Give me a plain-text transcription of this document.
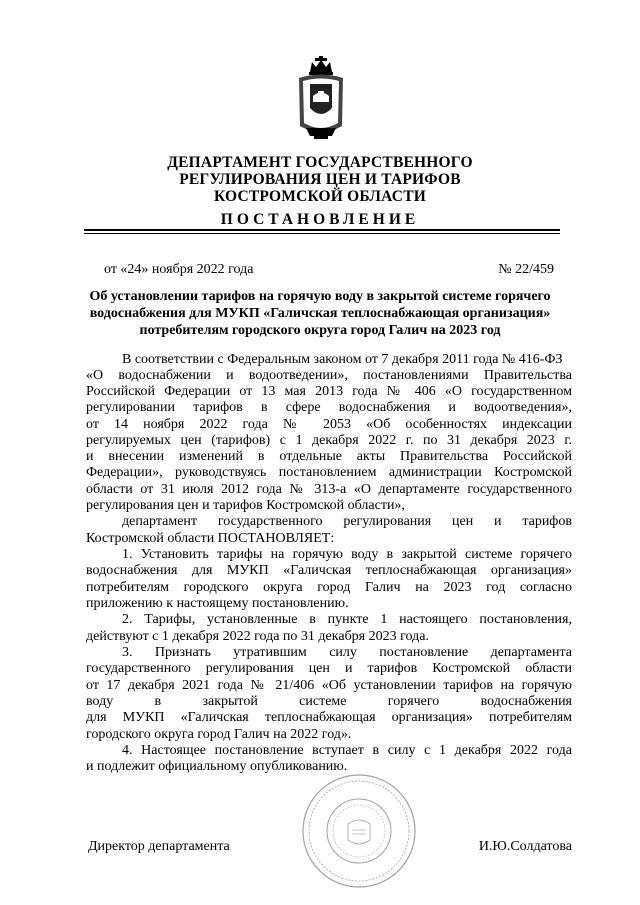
ДЕПАРТАМЕНТ ГОСУДАРСТВЕННОГО
РЕГУЛИРОВАНИЯ ЦЕН И ТАРИФОВ
КОСТРОМСКОЙ ОБЛАСТИ
ПОСТАНОВЛЕНИЕ
от «24» ноября 2022 года	№ 22/459
Об установлении тарифов на горячую воду в закрытой системе горячего
водоснабжения для МУКП «Галичская теплоснабжающая организация»
потребителям городского округа город Галич на 2023 год
В соответствии с Федеральным законом от 7 декабря 2011 года № 416-ФЗ
«О водоснабжении и водоотведении», постановлениями Правительства
Российской Федерации от 13 мая 2013 года № 406 «О государственном
регулировании тарифов в сфере водоснабжения и водоотведения»,
от 14 ноября 2022 года № 2053 «Об особенностях индексации
регулируемых цен (тарифов) с 1 декабря 2022 г. по 31 декабря 2023 г.
и внесении изменений в отдельные акты Правительства Российской
Федерации», руководствуясь постановлением администрации Костромской
области от 31 июля 2012 года № 313-а «О департаменте государственного
регулирования цен и тарифов Костромской области»,
департамент государственного регулирования цен и тарифов
Костромской области ПОСТАНОВЛЯЕТ:
1. Установить тарифы на горячую воду в закрытой системе горячего
водоснабжения для МУКП «Галичская теплоснабжающая организация»
потребителям городского округа город Галич на 2023 год согласно
приложению к настоящему постановлению.
2. Тарифы, установленные в пункте 1 настоящего постановления,
действуют с 1 декабря 2022 года по 31 декабря 2023 года.
3. Признать утратившим силу постановление департамента
государственного регулирования цен и тарифов Костромской области
от 17 декабря 2021 года № 21/406 «Об установлении тарифов на горячую
воду в закрытой системе горячего водоснабжения
для МУКП «Галичская теплоснабжающая организация» потребителям
городского округа город Галич на 2022 год».
4. Настоящее постановление вступает в силу с 1 декабря 2022 года
и подлежит официальному опубликованию.
Директор департамента	И.Ю.Солдатова
